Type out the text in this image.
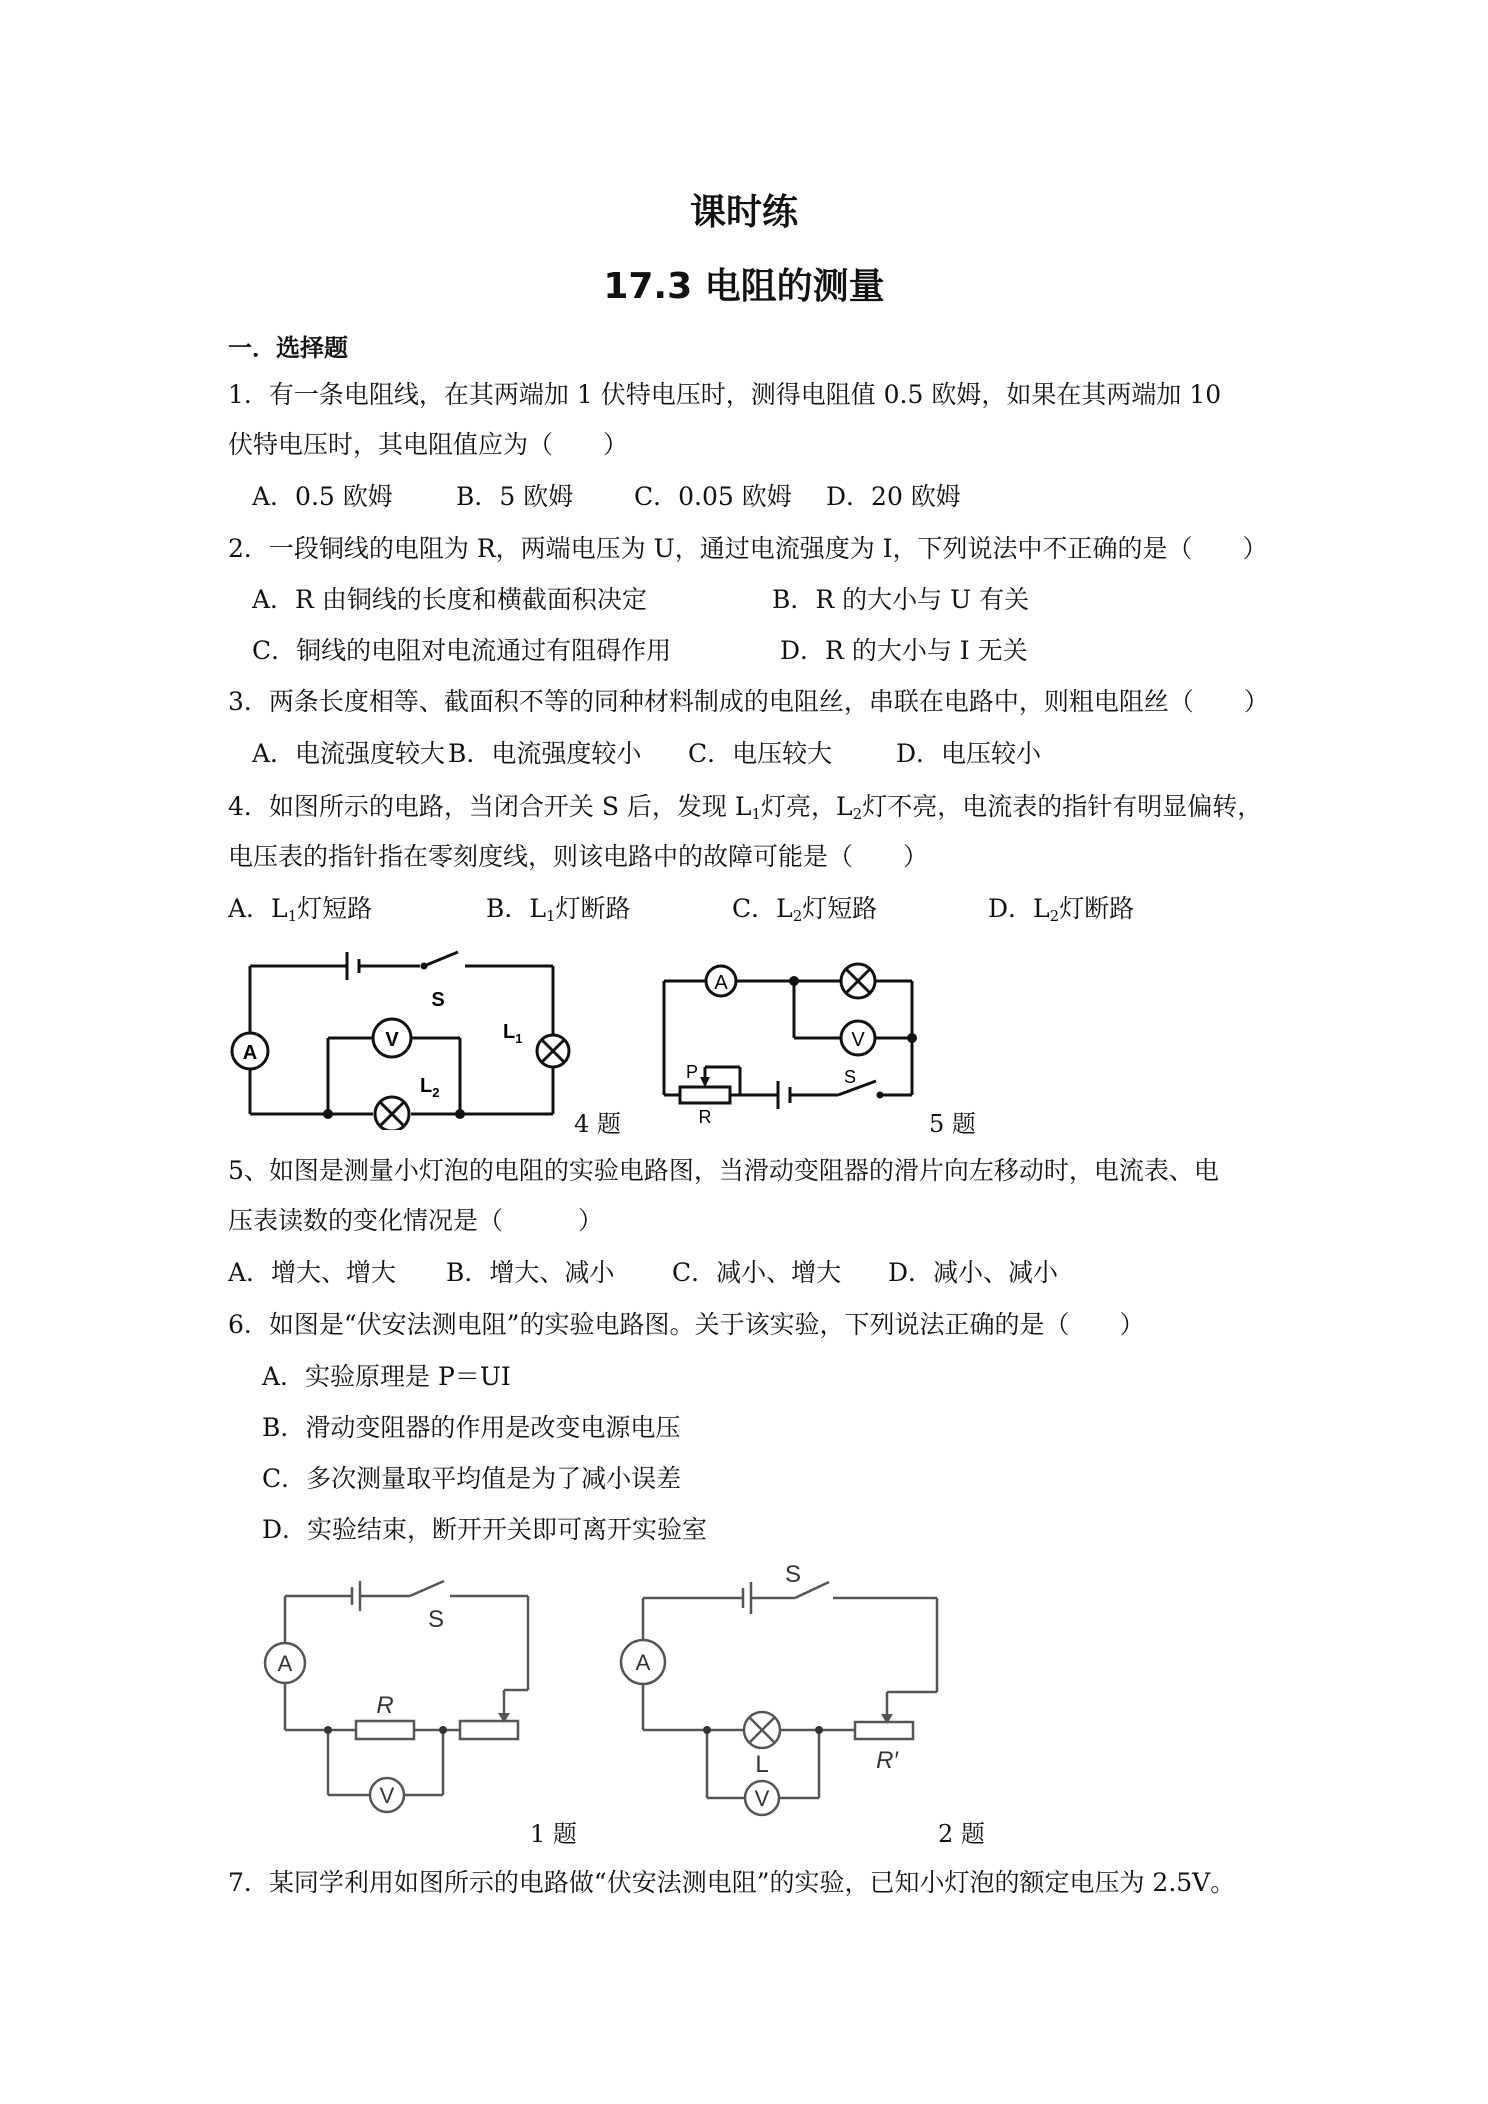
课时练
17.3 电阻的测量
一．选择题
1．有一条电阻线，在其两端加 1 伏特电压时，测得电阻值 0.5 欧姆，如果在其两端加 10
伏特电压时，其电阻值应为（　　）
A．0.5 欧姆	B．5 欧姆 C．0.05 欧姆 D．20 欧姆
2．一段铜线的电阻为 R，两端电压为 U，通过电流强度为 I，下列说法中不正确的是（　　）
A．R 由铜线的长度和横截面积决定	B．R 的大小与 U 有关
C．铜线的电阻对电流通过有阻碍作用	D．R 的大小与 I 无关
3．两条长度相等、截面积不等的同种材料制成的电阻丝，串联在电路中，则粗电阻丝（　　）
A．电流强度较大 B．电流强度较小 C．电压较大	D．电压较小
4．如图所示的电路，当闭合开关 S 后，发现 $L_1$灯亮，$L_2$灯不亮，电流表的指针有明显偏转，
电压表的指针指在零刻度线，则该电路中的故障可能是（　　）
A．$L_1$灯短路	B．$L_1$灯断路	C．$L_2$灯短路	D．$L_2$灯断路
A
V
S
$L_1$
$L_2$
4 题
A
V
P
R
S
5 题
5、如图是测量小灯泡的电阻的实验电路图，当滑动变阻器的滑片向左移动时，电流表、电
压表读数的变化情况是（　　　）
A．增大、增大 B．增大、减小 C．减小、增大 D．减小、减小
6．如图是“伏安法测电阻”的实验电路图。关于该实验，下列说法正确的是（　　）
A．实验原理是 P＝UI
B．滑动变阻器的作用是改变电源电压
C．多次测量取平均值是为了减小误差
D．实验结束，断开开关即可离开实验室
A
V
S
R
1 题
A
V
S
L	R′
2 题
7．某同学利用如图所示的电路做“伏安法测电阻”的实验，已知小灯泡的额定电压为 2.5V。
